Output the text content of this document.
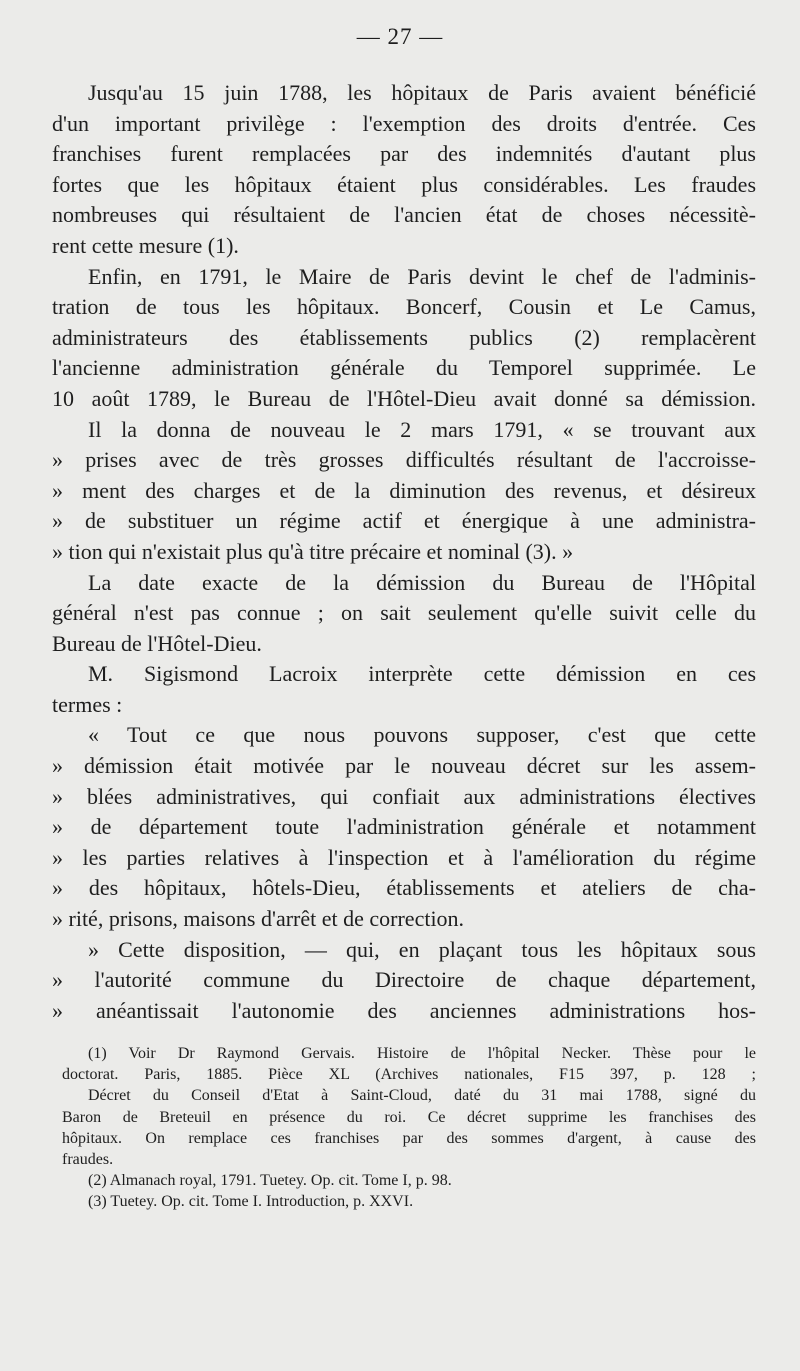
— 27 —
Jusqu'au 15 juin 1788, les hôpitaux de Paris avaient bénéficié
d'un important privilège : l'exemption des droits d'entrée. Ces
franchises furent remplacées par des indemnités d'autant plus
fortes que les hôpitaux étaient plus considérables. Les fraudes
nombreuses qui résultaient de l'ancien état de choses nécessitè-
rent cette mesure (1).
Enfin, en 1791, le Maire de Paris devint le chef de l'adminis-
tration de tous les hôpitaux. Boncerf, Cousin et Le Camus,
administrateurs des établissements publics (2) remplacèrent
l'ancienne administration générale du Temporel supprimée. Le
10 août 1789, le Bureau de l'Hôtel-Dieu avait donné sa démission.
Il la donna de nouveau le 2 mars 1791, « se trouvant aux
» prises avec de très grosses difficultés résultant de l'accroisse-
» ment des charges et de la diminution des revenus, et désireux
» de substituer un régime actif et énergique à une administra-
» tion qui n'existait plus qu'à titre précaire et nominal (3). »
La date exacte de la démission du Bureau de l'Hôpital
général n'est pas connue ; on sait seulement qu'elle suivit celle du
Bureau de l'Hôtel-Dieu.
M. Sigismond Lacroix interprète cette démission en ces
termes :
« Tout ce que nous pouvons supposer, c'est que cette
» démission était motivée par le nouveau décret sur les assem-
» blées administratives, qui confiait aux administrations électives
» de département toute l'administration générale et notamment
» les parties relatives à l'inspection et à l'amélioration du régime
» des hôpitaux, hôtels-Dieu, établissements et ateliers de cha-
» rité, prisons, maisons d'arrêt et de correction.
» Cette disposition, — qui, en plaçant tous les hôpitaux sous
» l'autorité commune du Directoire de chaque département,
» anéantissait l'autonomie des anciennes administrations hos-
(1) Voir Dr Raymond Gervais. Histoire de l'hôpital Necker. Thèse pour le
doctorat. Paris, 1885. Pièce XL (Archives nationales, F15 397, p. 128 ;
Décret du Conseil d'Etat à Saint-Cloud, daté du 31 mai 1788, signé du
Baron de Breteuil en présence du roi. Ce décret supprime les franchises des
hôpitaux. On remplace ces franchises par des sommes d'argent, à cause des
fraudes.
(2) Almanach royal, 1791. Tuetey. Op. cit. Tome I, p. 98.
(3) Tuetey. Op. cit. Tome I. Introduction, p. XXVI.
